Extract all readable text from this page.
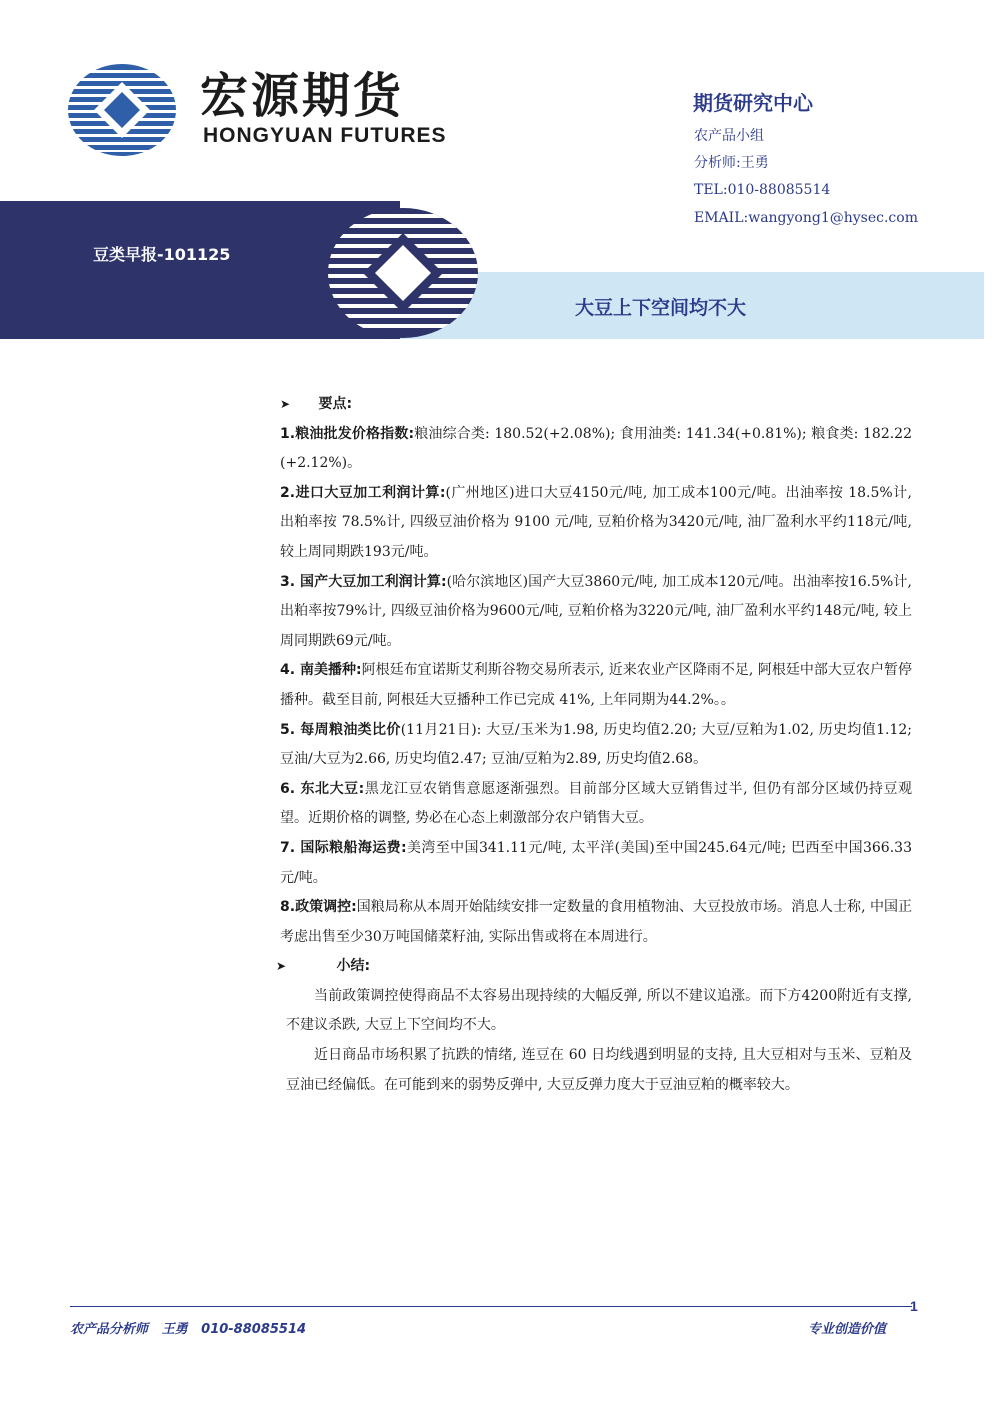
宏源期货
HONGYUAN FUTURES
期货研究中心
农产品小组
分析师:王勇
TEL:010-88085514
EMAIL:wangyong1@hysec.com
豆类早报-101125
大豆上下空间均不大
➤ 要点:
1.粮油批发价格指数:粮油综合类: 180.52(+2.08%); 食用油类: 141.34(+0.81%); 粮食类: 182.22 (+2.12%)。
2.进口大豆加工利润计算:(广州地区)进口大豆4150元/吨, 加工成本100元/吨。出油率按 18.5%计, 出粕率按 78.5%计, 四级豆油价格为 9100 元/吨, 豆粕价格为3420元/吨, 油厂盈利水平约118元/吨, 较上周同期跌193元/吨。
3. 国产大豆加工利润计算:(哈尔滨地区)国产大豆3860元/吨, 加工成本120元/吨。出油率按16.5%计, 出粕率按79%计, 四级豆油价格为9600元/吨, 豆粕价格为3220元/吨, 油厂盈利水平约148元/吨, 较上周同期跌69元/吨。
4. 南美播种:阿根廷布宜诺斯艾利斯谷物交易所表示, 近来农业产区降雨不足, 阿根廷中部大豆农户暂停播种。截至目前, 阿根廷大豆播种工作已完成 41%, 上年同期为44.2%。。
5. 每周粮油类比价(11月21日): 大豆/玉米为1.98, 历史均值2.20; 大豆/豆粕为1.02, 历史均值1.12; 豆油/大豆为2.66, 历史均值2.47; 豆油/豆粕为2.89, 历史均值2.68。
6. 东北大豆:黑龙江豆农销售意愿逐渐强烈。目前部分区域大豆销售过半, 但仍有部分区域仍持豆观望。近期价格的调整, 势必在心态上刺激部分农户销售大豆。
7. 国际粮船海运费:美湾至中国341.11元/吨, 太平洋(美国)至中国245.64元/吨; 巴西至中国366.33元/吨。
8.政策调控:国粮局称从本周开始陆续安排一定数量的食用植物油、大豆投放市场。消息人士称, 中国正考虑出售至少30万吨国储菜籽油, 实际出售或将在本周进行。
➤	小结:
当前政策调控使得商品不太容易出现持续的大幅反弹, 所以不建议追涨。而下方4200附近有支撑, 不建议杀跌, 大豆上下空间均不大。
近日商品市场积累了抗跌的情绪, 连豆在 60 日均线遇到明显的支持, 且大豆相对与玉米、豆粕及豆油已经偏低。在可能到来的弱势反弹中, 大豆反弹力度大于豆油豆粕的概率较大。
1
农产品分析师   王勇   010-88085514	专业创造价值
